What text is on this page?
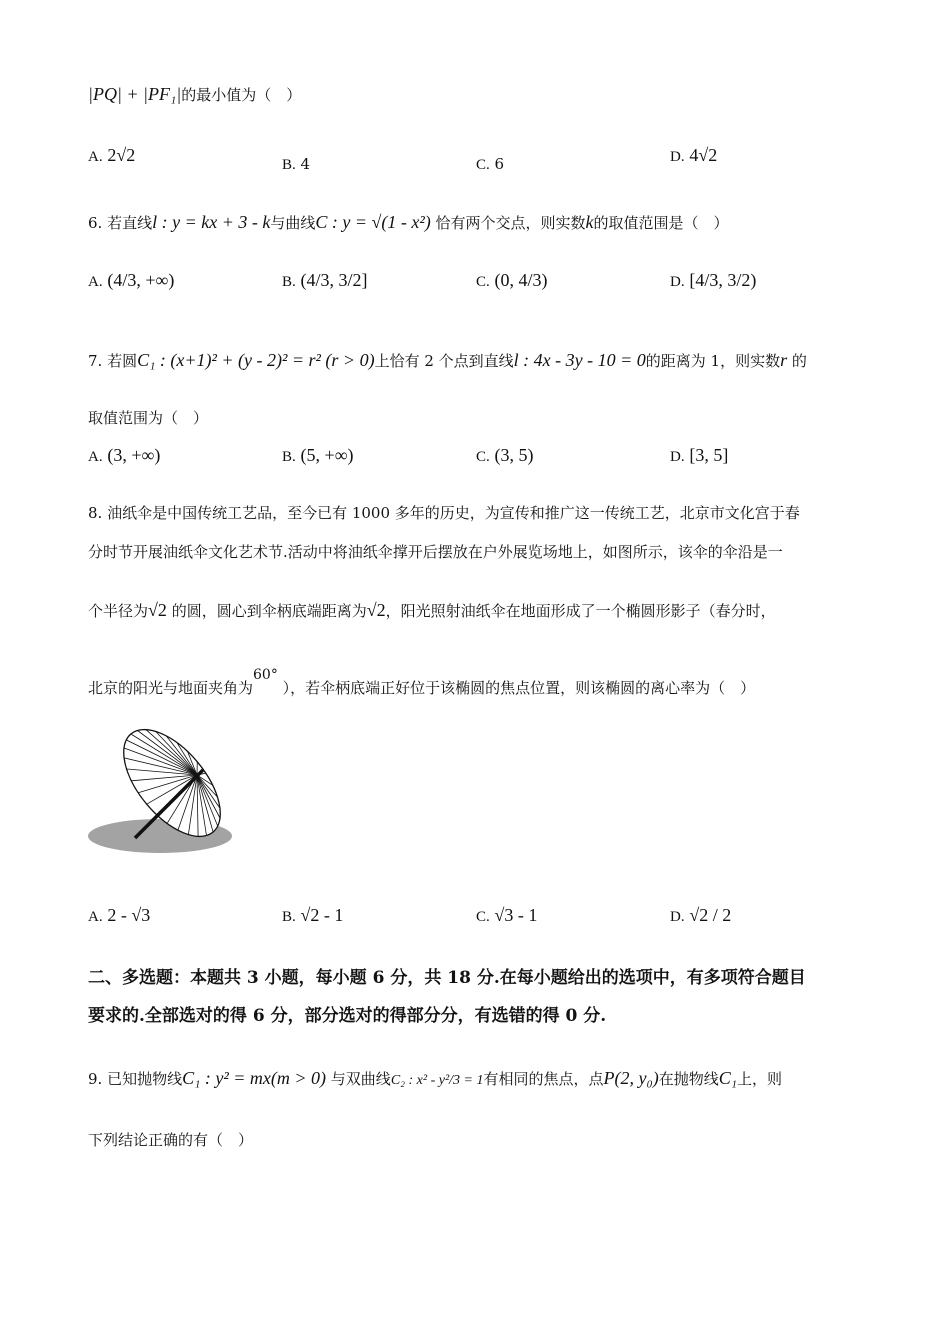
|PQ| + |PF₁|的最小值为（　）
A. 2√2	B. 4	C. 6	D. 4√2
6. 若直线l : y = kx + 3 - k与曲线C : y = √(1 - x²) 恰有两个交点，则实数k的取值范围是（　）
A. (4/3, +∞)	B. (4/3, 3/2]	C. (0, 4/3)	D. [4/3, 3/2)
7. 若圆C₁ : (x+1)² + (y - 2)² = r² (r > 0)上恰有 2 个点到直线l : 4x - 3y - 10 = 0的距离为 1，则实数r 的
取值范围为（　）
A. (3, +∞)	B. (5, +∞)	C. (3, 5)	D. [3, 5]
8. 油纸伞是中国传统工艺品，至今已有 1000 多年的历史，为宣传和推广这一传统工艺，北京市文化宫于春
分时节开展油纸伞文化艺术节.活动中将油纸伞撑开后摆放在户外展览场地上，如图所示，该伞的伞沿是一
个半径为√2 的圆，圆心到伞柄底端距离为√2，阳光照射油纸伞在地面形成了一个椭圆形影子（春分时，
北京的阳光与地面夹角为60° ），若伞柄底端正好位于该椭圆的焦点位置，则该椭圆的离心率为（　）
A. 2 - √3	B. √2 - 1	C. √3 - 1	D. √2 / 2
二、多选题：本题共 3 小题，每小题 6 分，共 18 分.在每小题给出的选项中，有多项符合题目
要求的.全部选对的得 6 分，部分选对的得部分分，有选错的得 0 分.
9. 已知抛物线C₁ : y² = mx(m > 0) 与双曲线C₂ : x² - y²/3 = 1有相同的焦点，点P(2, y₀)在抛物线C₁上，则
下列结论正确的有（　）
